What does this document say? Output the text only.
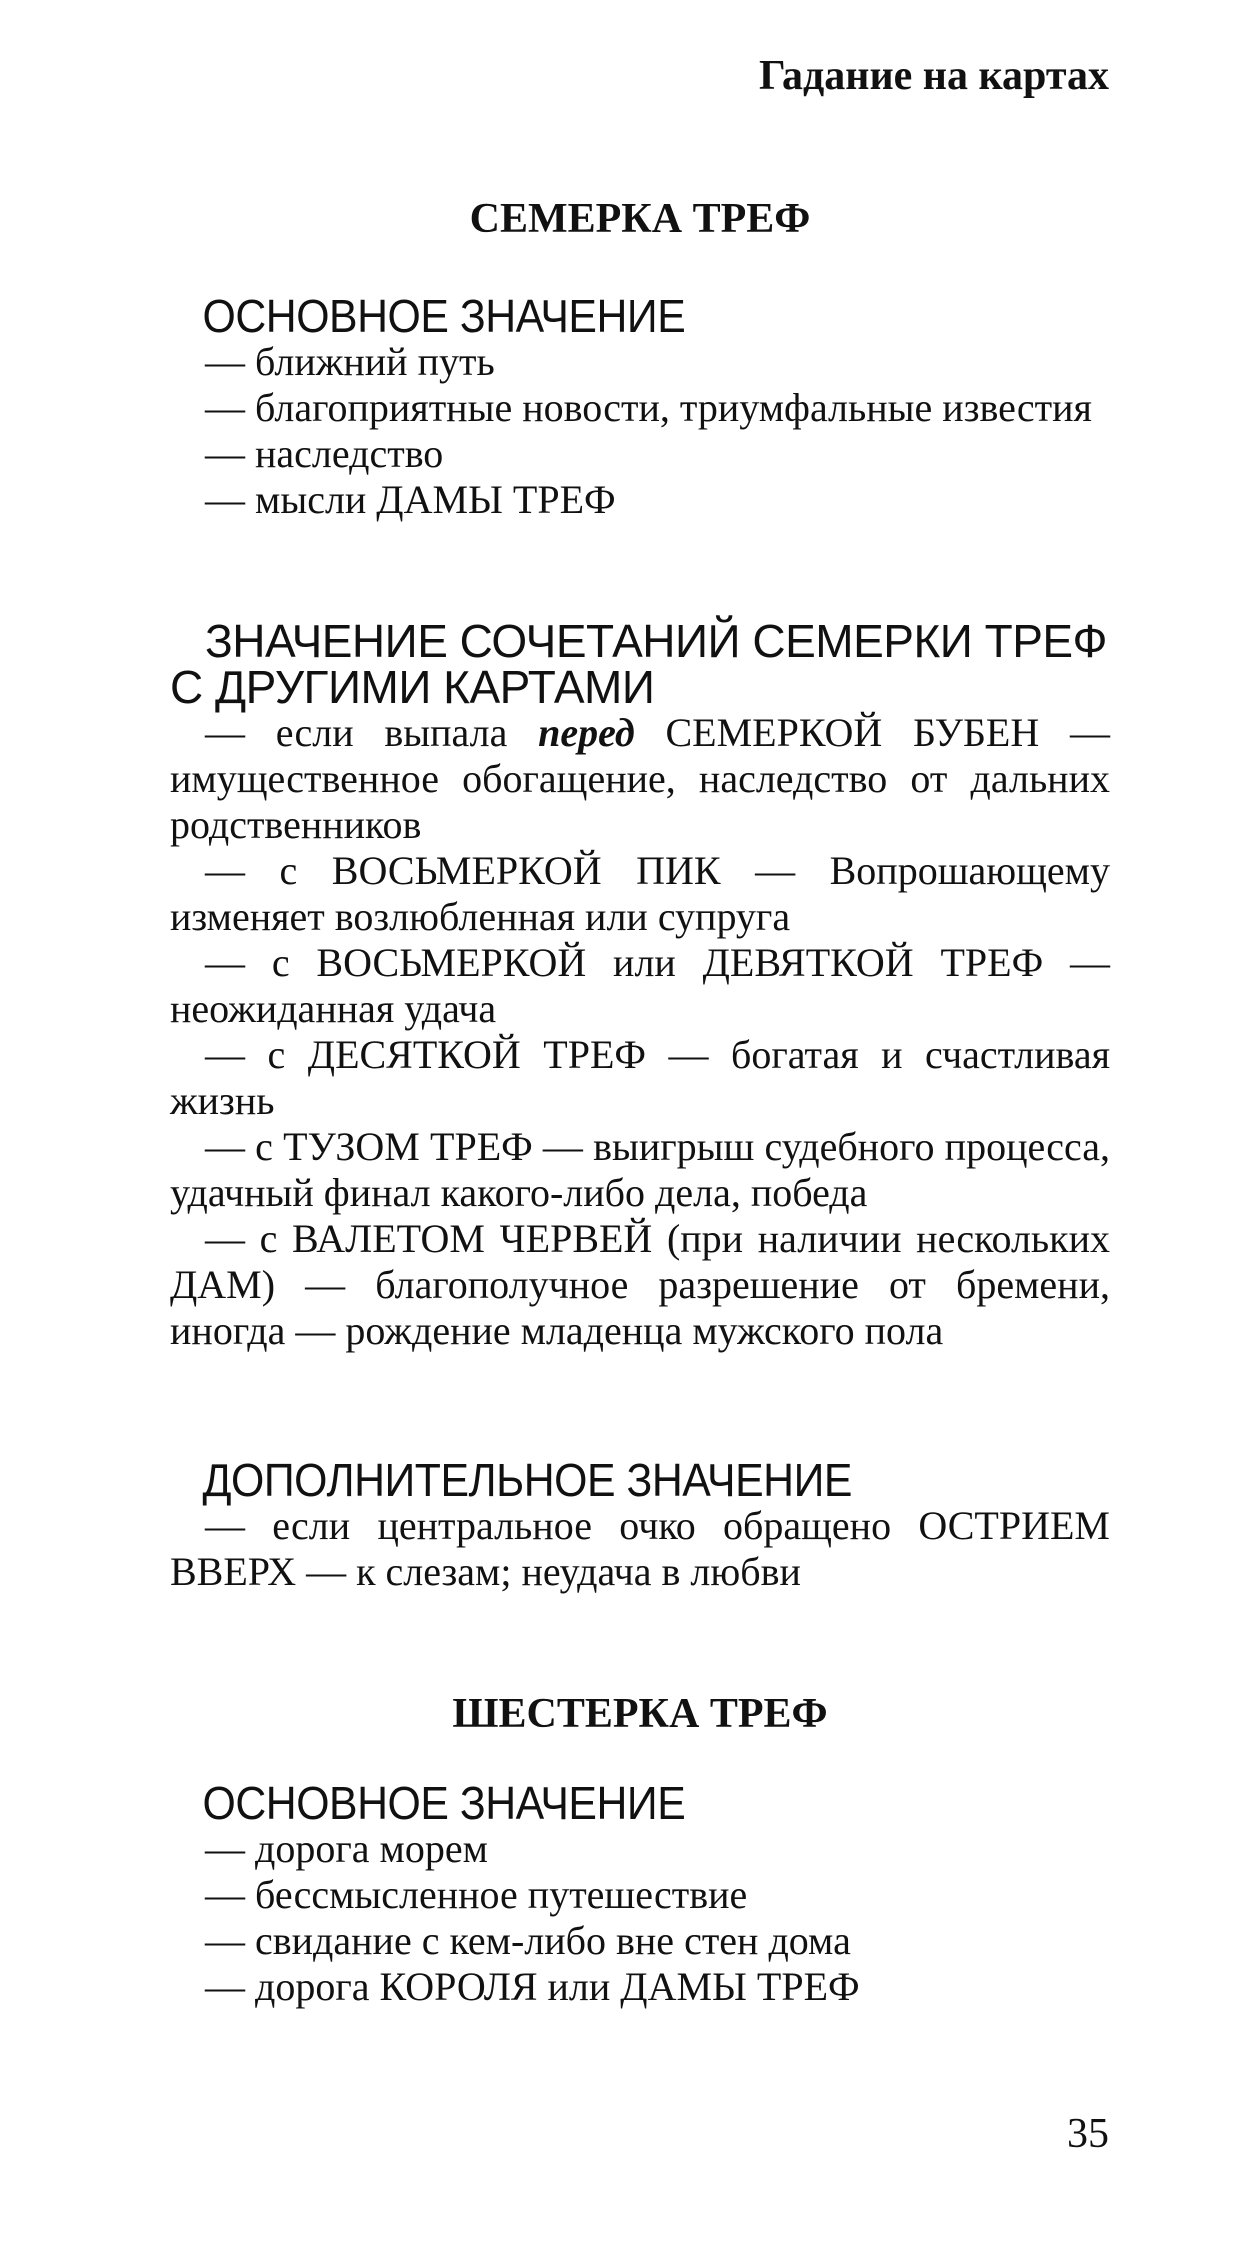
Гадание на картах
СЕМЕРКА ТРЕФ
ОСНОВНОЕ ЗНАЧЕНИЕ

— ближний путь

— благоприятные новости, триумфальные известия

— наследство

— мысли ДАМЫ ТРЕФ

ЗНАЧЕНИЕ СОЧЕТАНИЙ СЕМЕРКИ ТРЕФ
С ДРУГИМИ КАРТАМИ

— если выпала перед СЕМЕРКОЙ БУБЕН — имущественное обогащение, наследство от дальних родственников

— с ВОСЬМЕРКОЙ ПИК — Вопрошающему изменяет возлюбленная или супруга

— с ВОСЬМЕРКОЙ или ДЕВЯТКОЙ ТРЕФ — неожиданная удача

— с ДЕСЯТКОЙ ТРЕФ — богатая и счастливая жизнь

— с ТУЗОМ ТРЕФ — выигрыш судебного процесса, удачный финал какого-либо дела, победа

— с ВАЛЕТОМ ЧЕРВЕЙ (при наличии нескольких ДАМ) — благополучное разрешение от бремени, иногда — рождение младенца мужского пола

ДОПОЛНИТЕЛЬНОЕ ЗНАЧЕНИЕ

— если центральное очко обращено ОСТРИЕМ ВВЕРХ — к слезам; неудача в любви

ШЕСТЕРКА ТРЕФ
ОСНОВНОЕ ЗНАЧЕНИЕ

— дорога морем

— бессмысленное путешествие

— свидание с кем-либо вне стен дома

— дорога КОРОЛЯ или ДАМЫ ТРЕФ

35
